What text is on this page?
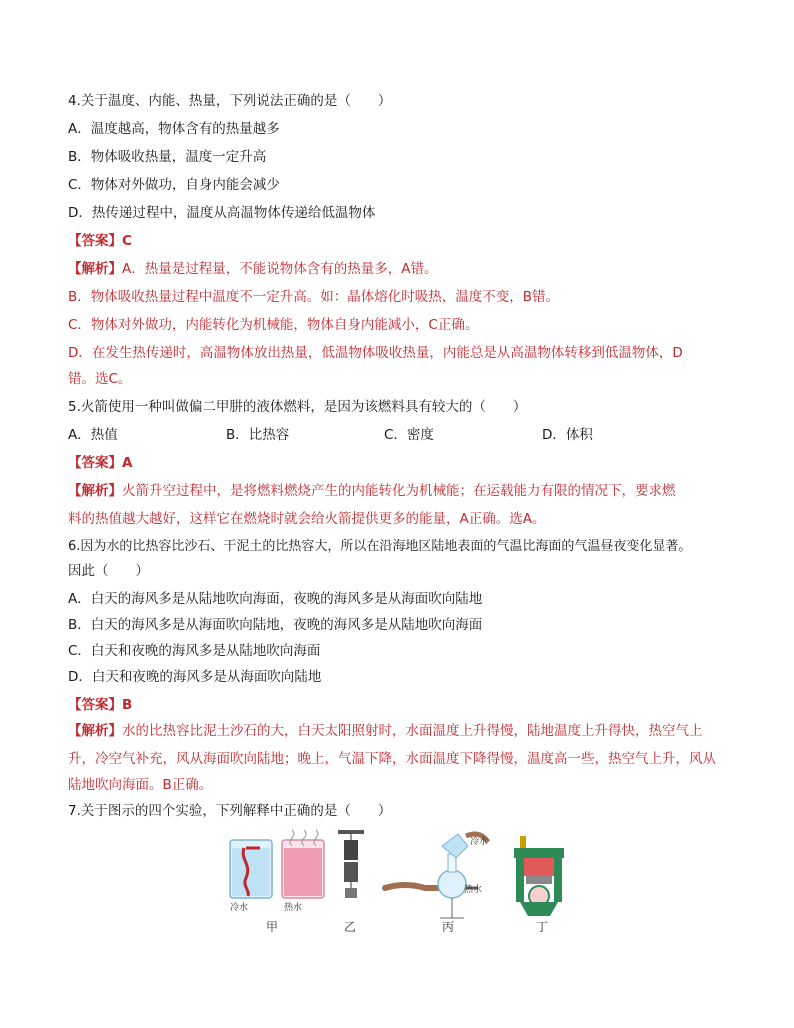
4.关于温度、内能、热量，下列说法正确的是（　　）
A．温度越高，物体含有的热量越多
B．物体吸收热量，温度一定升高
C．物体对外做功，自身内能会减少
D．热传递过程中，温度从高温物体传递给低温物体
【答案】C
【解析】A．热量是过程量，不能说物体含有的热量多，A错。
B．物体吸收热量过程中温度不一定升高。如：晶体熔化时吸热，温度不变，B错。
C．物体对外做功，内能转化为机械能，物体自身内能减小，C正确。
D．在发生热传递时，高温物体放出热量，低温物体吸收热量，内能总是从高温物体转移到低温物体，D
错。选C。
5.火箭使用一种叫做偏二甲肼的液体燃料，是因为该燃料具有较大的（　　）
A．热值	B．比热容	C．密度	D．体积
【答案】A
【解析】火箭升空过程中，是将燃料燃烧产生的内能转化为机械能；在运载能力有限的情况下，要求燃
料的热值越大越好，这样它在燃烧时就会给火箭提供更多的能量，A正确。选A。
6.因为水的比热容比沙石、干泥土的比热容大，所以在沿海地区陆地表面的气温比海面的气温昼夜变化显著。
因此（　　）
A．白天的海风多是从陆地吹向海面，夜晚的海风多是从海面吹向陆地
B．白天的海风多是从海面吹向陆地，夜晚的海风多是从陆地吹向海面
C．白天和夜晚的海风多是从陆地吹向海面
D．白天和夜晚的海风多是从海面吹向陆地
【答案】B
【解析】水的比热容比泥土沙石的大，白天太阳照射时，水面温度上升得慢，陆地温度上升得快，热空气上
升，冷空气补充，风从海面吹向陆地；晚上，气温下降，水面温度下降得慢，温度高一些，热空气上升，风从
陆地吹向海面。B正确。
7.关于图示的四个实验，下列解释中正确的是（　　）
冷水	热水
冷水
热水
甲	乙	丙	丁
